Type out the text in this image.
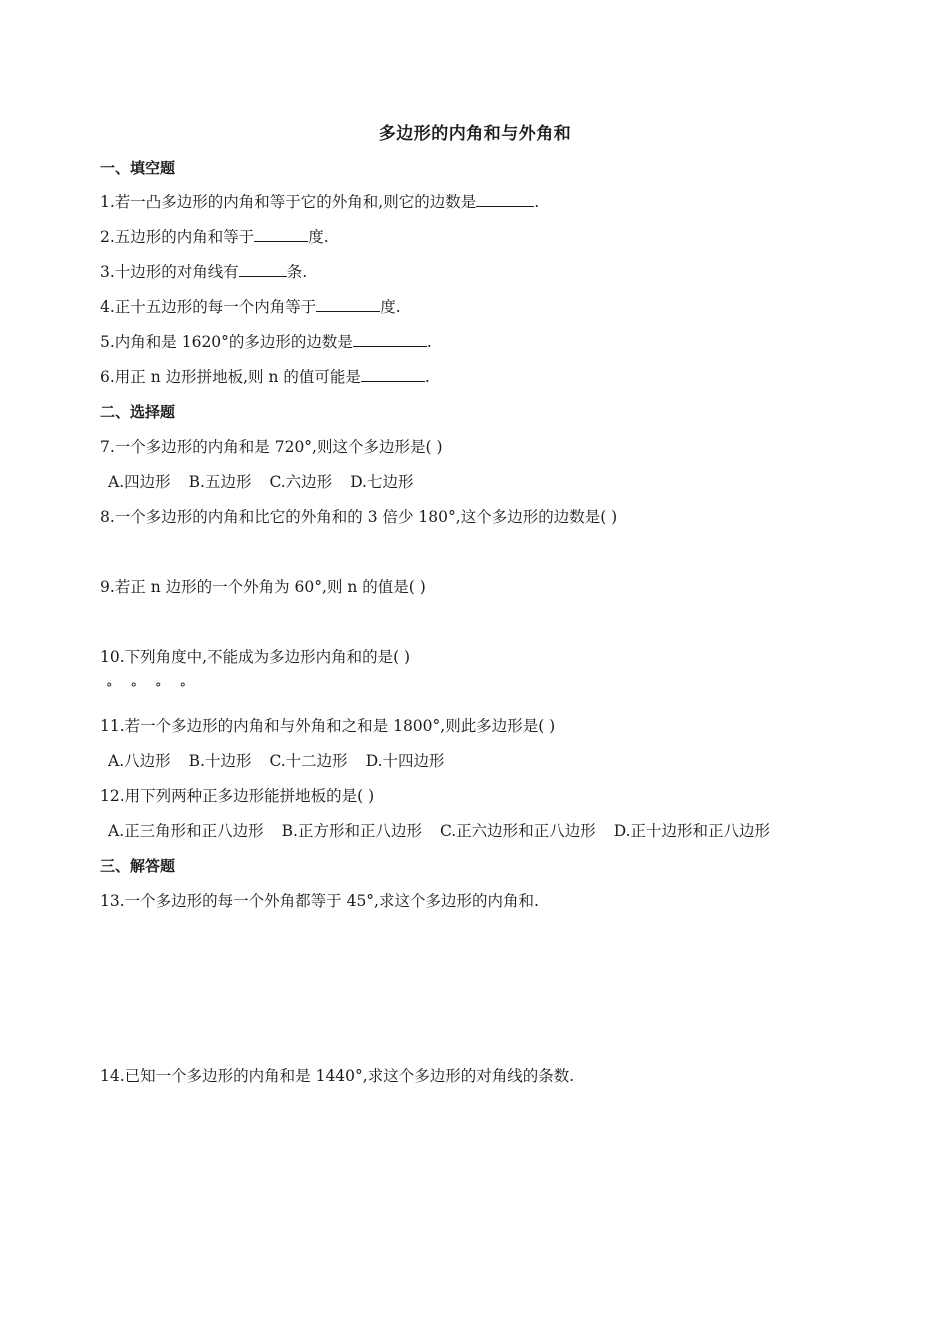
多边形的内角和与外角和
一、填空题
1.若一凸多边形的内角和等于它的外角和,则它的边数是	.
2.五边形的内角和等于	度.
3.十边形的对角线有	条.
4.正十五边形的每一个内角等于	度.
5.内角和是 1620°的多边形的边数是	.
6.用正 n 边形拼地板,则 n 的值可能是	.
二、选择题
7.一个多边形的内角和是 720°,则这个多边形是( )
A.四边形 B.五边形 C.六边形 D.七边形
8.一个多边形的内角和比它的外角和的 3 倍少 180°,这个多边形的边数是( )
9.若正 n 边形的一个外角为 60°,则 n 的值是( )
10.下列角度中,不能成为多边形内角和的是( )
° ° ° °
11.若一个多边形的内角和与外角和之和是 1800°,则此多边形是( )
A.八边形 B.十边形 C.十二边形 D.十四边形
12.用下列两种正多边形能拼地板的是( )
A.正三角形和正八边形 B.正方形和正八边形 C.正六边形和正八边形 D.正十边形和正八边形
三、解答题
13.一个多边形的每一个外角都等于 45°,求这个多边形的内角和.
14.已知一个多边形的内角和是 1440°,求这个多边形的对角线的条数.
